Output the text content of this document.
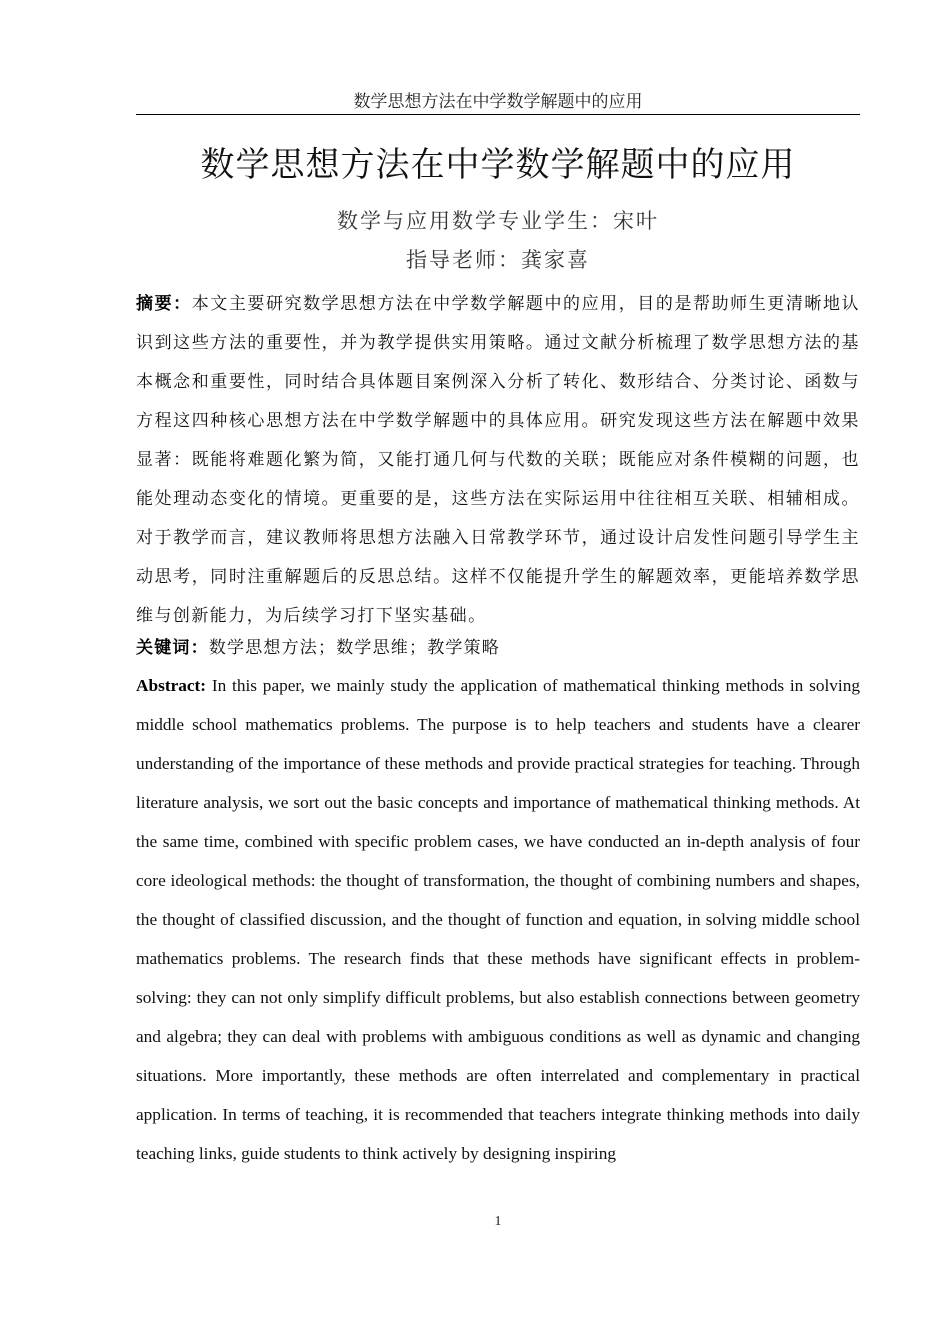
数学思想方法在中学数学解题中的应用
数学思想方法在中学数学解题中的应用
数学与应用数学专业学生：宋叶
指导老师：龚家喜
摘要：本文主要研究数学思想方法在中学数学解题中的应用，目的是帮助师生更清晰地认识到这些方法的重要性，并为教学提供实用策略。通过文献分析梳理了数学思想方法的基本概念和重要性，同时结合具体题目案例深入分析了转化、数形结合、分类讨论、函数与方程这四种核心思想方法在中学数学解题中的具体应用。研究发现这些方法在解题中效果显著：既能将难题化繁为简，又能打通几何与代数的关联；既能应对条件模糊的问题，也能处理动态变化的情境。更重要的是，这些方法在实际运用中往往相互关联、相辅相成。对于教学而言，建议教师将思想方法融入日常教学环节，通过设计启发性问题引导学生主动思考，同时注重解题后的反思总结。这样不仅能提升学生的解题效率，更能培养数学思维与创新能力，为后续学习打下坚实基础。
关键词：数学思想方法；数学思维；教学策略
Abstract: In this paper, we mainly study the application of mathematical thinking methods in solving middle school mathematics problems. The purpose is to help teachers and students have a clearer understanding of the importance of these methods and provide practical strategies for teaching. Through literature analysis, we sort out the basic concepts and importance of mathematical thinking methods. At the same time, combined with specific problem cases, we have conducted an in-depth analysis of four core ideological methods: the thought of transformation, the thought of combining numbers and shapes, the thought of classified discussion, and the thought of function and equation, in solving middle school mathematics problems. The research finds that these methods have significant effects in problem-solving: they can not only simplify difficult problems, but also establish connections between geometry and algebra; they can deal with problems with ambiguous conditions as well as dynamic and changing situations. More importantly, these methods are often interrelated and complementary in practical application. In terms of teaching, it is recommended that teachers integrate thinking methods into daily teaching links, guide students to think actively by designing inspiring
1
